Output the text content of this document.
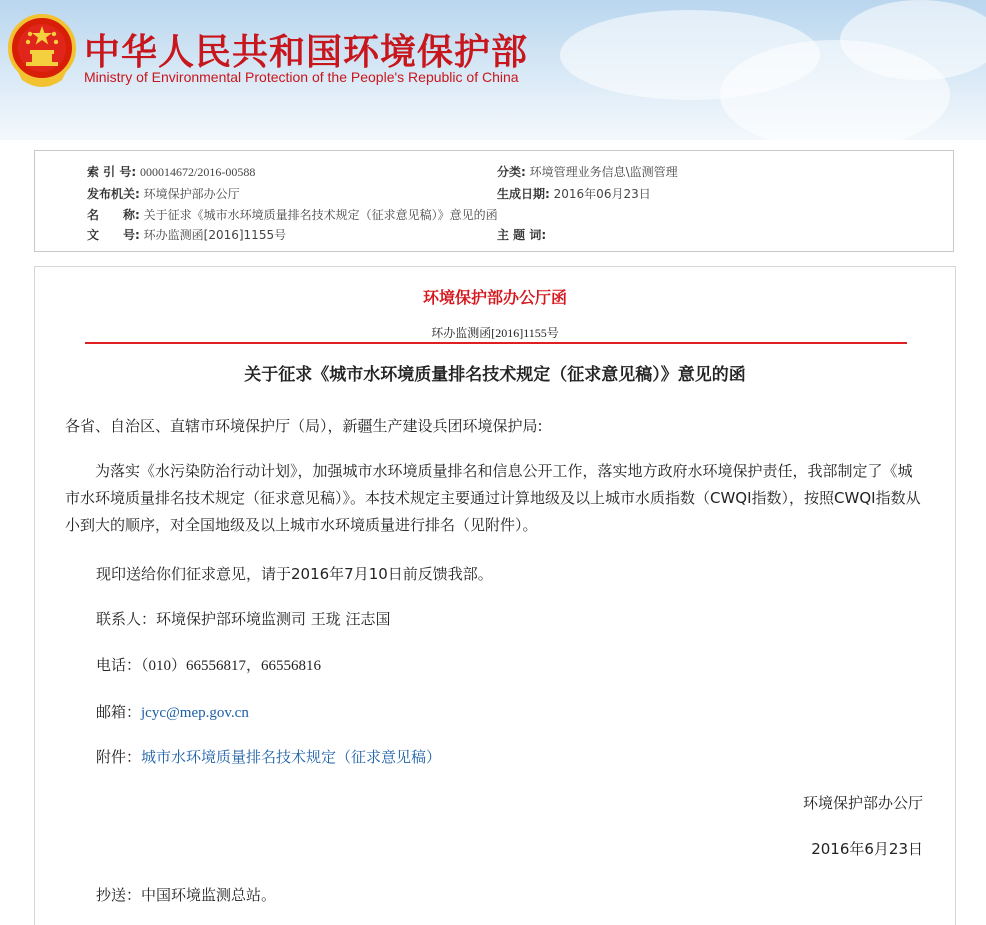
中华人民共和国环境保护部
Ministry of Environmental Protection of the People's Republic of China
索 引 号: 000014672/2016-00588	分类: 环境管理业务信息\监测管理
发布机关: 环境保护部办公厅	生成日期: 2016年06月23日
名　　称: 关于征求《城市水环境质量排名技术规定（征求意见稿）》意见的函
文　　号: 环办监测函[2016]1155号	主 题 词:
环境保护部办公厅函
环办监测函[2016]1155号
关于征求《城市水环境质量排名技术规定（征求意见稿）》意见的函
各省、自治区、直辖市环境保护厅（局），新疆生产建设兵团环境保护局:
为落实《水污染防治行动计划》，加强城市水环境质量排名和信息公开工作，落实地方政府水环境保护责任，我部制定了《城市水环境质量排名技术规定（征求意见稿）》。本技术规定主要通过计算地级及以上城市水质指数（CWQI指数），按照CWQI指数从小到大的顺序，对全国地级及以上城市水环境质量进行排名（见附件）。
现印送给你们征求意见，请于2016年7月10日前反馈我部。
联系人：环境保护部环境监测司 王珑 汪志国
电话：（010）66556817，66556816
邮箱：jcyc@mep.gov.cn
附件：城市水环境质量排名技术规定（征求意见稿）
环境保护部办公厅
2016年6月23日
抄送：中国环境监测总站。
